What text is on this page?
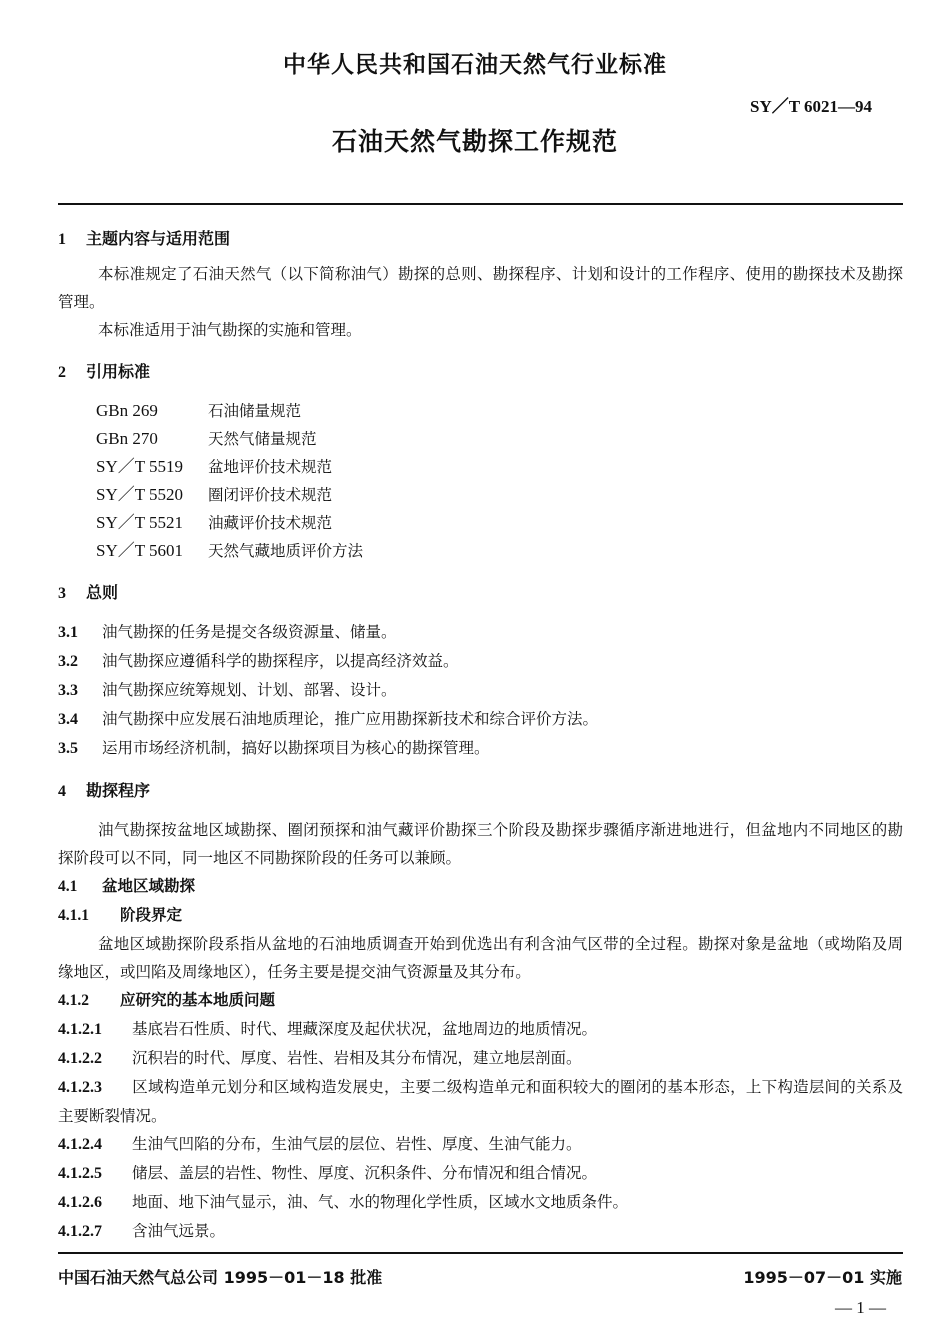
中华人民共和国石油天然气行业标准
SY／T 6021—94
石油天然气勘探工作规范
1 主题内容与适用范围

本标准规定了石油天然气（以下简称油气）勘探的总则、勘探程序、计划和设计的工作程序、使用的勘探技术及勘探管理。

本标准适用于油气勘探的实施和管理。

2 引用标准
GBn 269	石油储量规范
GBn 270	天然气储量规范
SY／T 5519 盆地评价技术规范
SY／T 5520 圈闭评价技术规范
SY／T 5521 油藏评价技术规范
SY／T 5601 天然气藏地质评价方法
3 总则
3.1 油气勘探的任务是提交各级资源量、储量。
3.2 油气勘探应遵循科学的勘探程序，以提高经济效益。
3.3 油气勘探应统筹规划、计划、部署、设计。
3.4 油气勘探中应发展石油地质理论，推广应用勘探新技术和综合评价方法。
3.5 运用市场经济机制，搞好以勘探项目为核心的勘探管理。
4 勘探程序

油气勘探按盆地区域勘探、圈闭预探和油气藏评价勘探三个阶段及勘探步骤循序渐进地进行，但盆地内不同地区的勘探阶段可以不同，同一地区不同勘探阶段的任务可以兼顾。

4.1 盆地区域勘探
4.1.1 阶段界定

盆地区域勘探阶段系指从盆地的石油地质调查开始到优选出有利含油气区带的全过程。勘探对象是盆地（或坳陷及周缘地区，或凹陷及周缘地区），任务主要是提交油气资源量及其分布。

4.1.2 应研究的基本地质问题
4.1.2.1 基底岩石性质、时代、埋藏深度及起伏状况，盆地周边的地质情况。
4.1.2.2 沉积岩的时代、厚度、岩性、岩相及其分布情况，建立地层剖面。
4.1.2.3 区域构造单元划分和区域构造发展史，主要二级构造单元和面积较大的圈闭的基本形态，上下构造层间的关系及主要断裂情况。
4.1.2.4 生油气凹陷的分布，生油气层的层位、岩性、厚度、生油气能力。
4.1.2.5 储层、盖层的岩性、物性、厚度、沉积条件、分布情况和组合情况。
4.1.2.6 地面、地下油气显示，油、气、水的物理化学性质，区域水文地质条件。
4.1.2.7 含油气远景。
中国石油天然气总公司 1995－01－18 批准	1995－07－01 实施
— 1 —
